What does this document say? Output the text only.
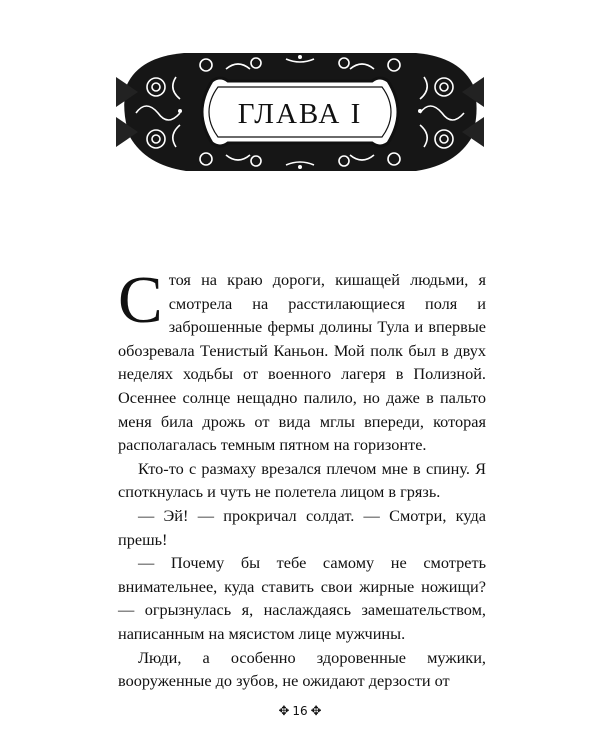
ГЛАВА I

Стоя на краю дороги, кишащей людьми, я смотрела на расстилающиеся поля и заброшенные фермы долины Тула и впервые обозревала Тенистый Каньон. Мой полк был в двух неделях ходьбы от военного лагеря в Полизной. Осеннее солнце нещадно палило, но даже в пальто меня била дрожь от вида мглы впереди, которая располагалась темным пятном на горизонте.

Кто-то с размаху врезался плечом мне в спину. Я споткнулась и чуть не полетела лицом в грязь.

— Эй! — прокричал солдат. — Смотри, куда прешь!

— Почему бы тебе самому не смотреть внимательнее, куда ставить свои жирные ножищи? — огрызнулась я, наслаждаясь замешательством, написанным на мясистом лице мужчины.

Люди, а особенно здоровенные мужики, вооруженные до зубов, не ожидают дерзости от

✥ 16 ✥
